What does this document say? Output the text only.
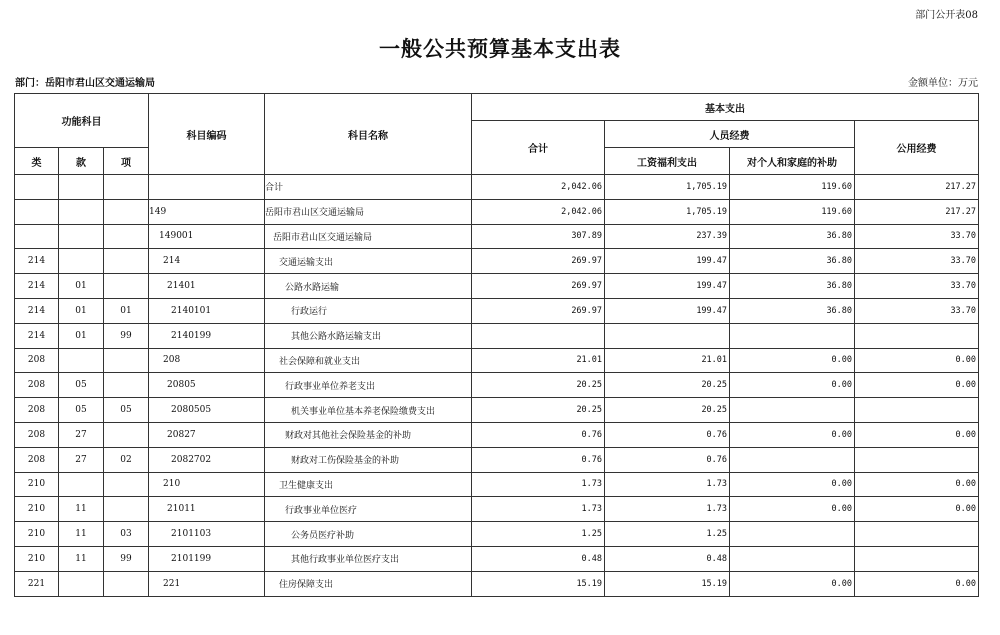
部门公开表08
一般公共预算基本支出表
部门：岳阳市君山区交通运输局	金额单位：万元
功能科目			科目编码	科目名称	基本支出			
					合计	人员经费		公用经费
类	款	项				工资福利支出	对个人和家庭的补助	
				合计	2,042.06	1,705.19	119.60	217.27
			149	岳阳市君山区交通运输局	2,042.06	1,705.19	119.60	217.27
			149001	岳阳市君山区交通运输局	307.89	237.39	36.80	33.70
214			214	交通运输支出	269.97	199.47	36.80	33.70
214	01		21401	公路水路运输	269.97	199.47	36.80	33.70
214	01	01	2140101	行政运行	269.97	199.47	36.80	33.70
214	01	99	2140199	其他公路水路运输支出				
208			208	社会保障和就业支出	21.01	21.01	0.00	0.00
208	05		20805	行政事业单位养老支出	20.25	20.25	0.00	0.00
208	05	05	2080505	机关事业单位基本养老保险缴费支出	20.25	20.25		
208	27		20827	财政对其他社会保险基金的补助	0.76	0.76	0.00	0.00
208	27	02	2082702	财政对工伤保险基金的补助	0.76	0.76		
210			210	卫生健康支出	1.73	1.73	0.00	0.00
210	11		21011	行政事业单位医疗	1.73	1.73	0.00	0.00
210	11	03	2101103	公务员医疗补助	1.25	1.25		
210	11	99	2101199	其他行政事业单位医疗支出	0.48	0.48		
221			221	住房保障支出	15.19	15.19	0.00	0.00
